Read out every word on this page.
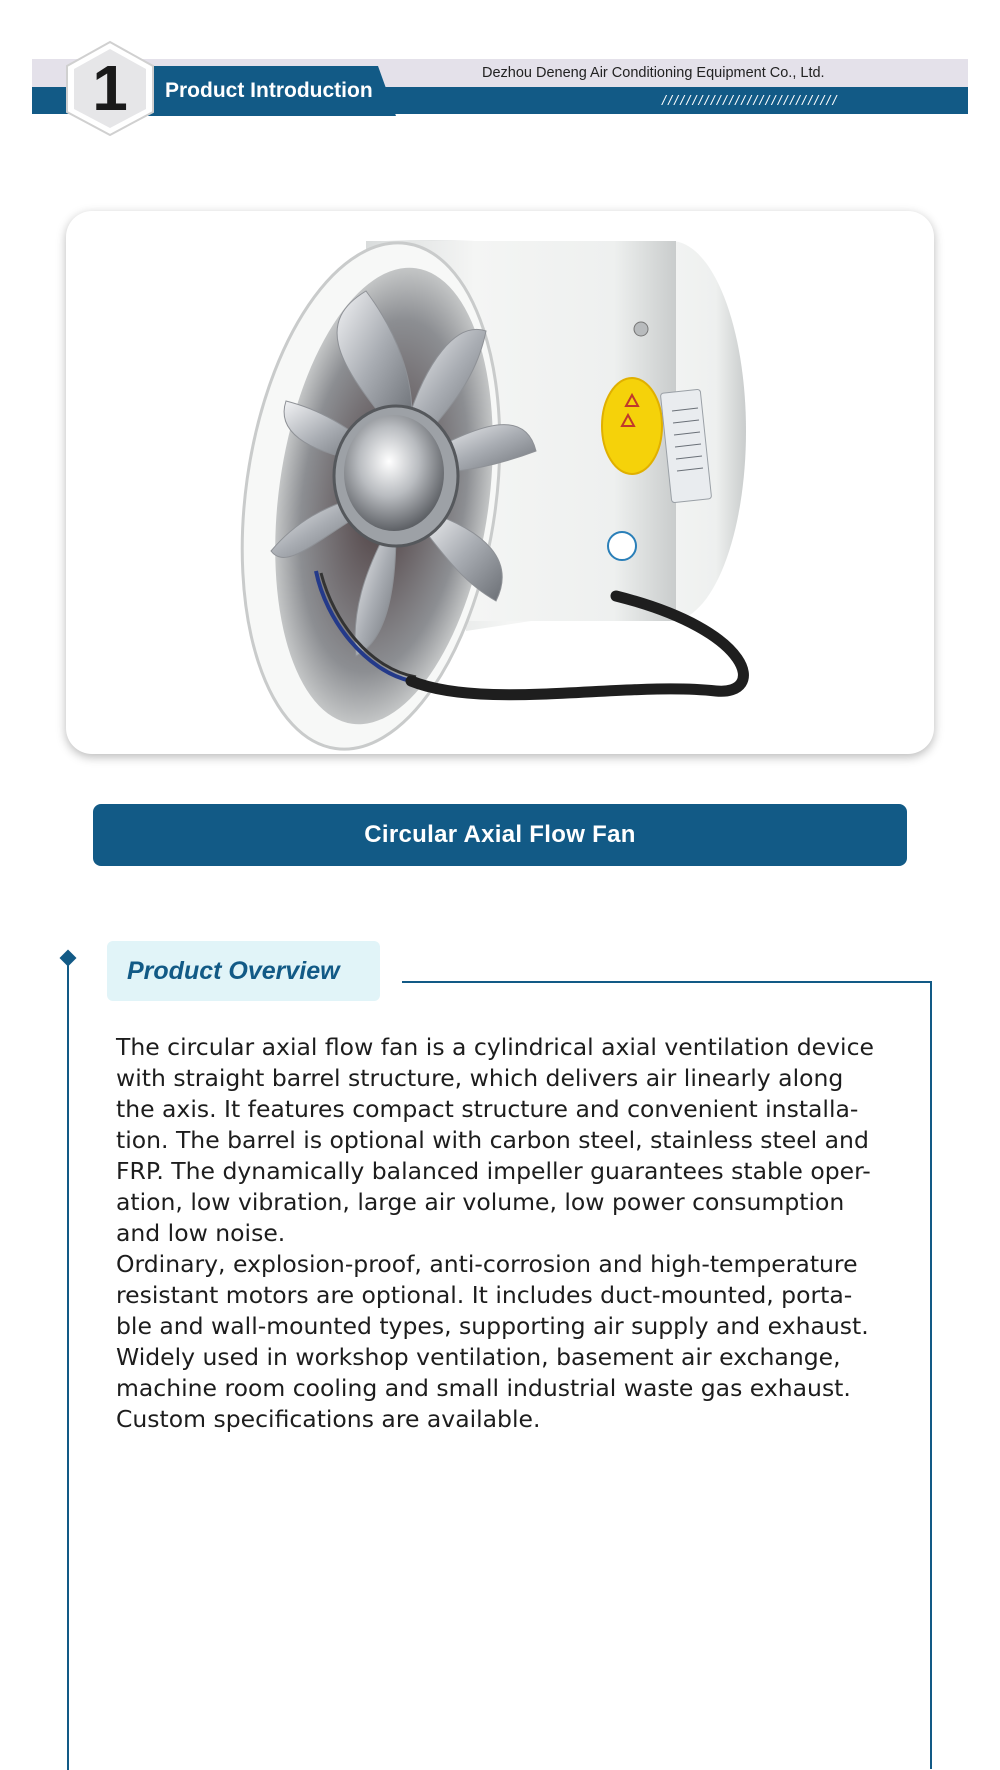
Product Introduction
Dezhou Deneng Air Conditioning Equipment Co., Ltd.
/////////////////////////////
1
Circular Axial Flow Fan
Product Overview

The circular axial flow fan is a cylindrical axial ventilation device
with straight barrel structure, which delivers air linearly along
the axis. It features compact structure and convenient installa-
tion. The barrel is optional with carbon steel, stainless steel and
FRP. The dynamically balanced impeller guarantees stable oper-
ation, low vibration, large air volume, low power consumption
and low noise.

Ordinary, explosion-proof, anti-corrosion and high-temperature
resistant motors are optional. It includes duct-mounted, porta-
ble and wall-mounted types, supporting air supply and exhaust.
Widely used in workshop ventilation, basement air exchange,
machine room cooling and small industrial waste gas exhaust.
Custom specifications are available.
